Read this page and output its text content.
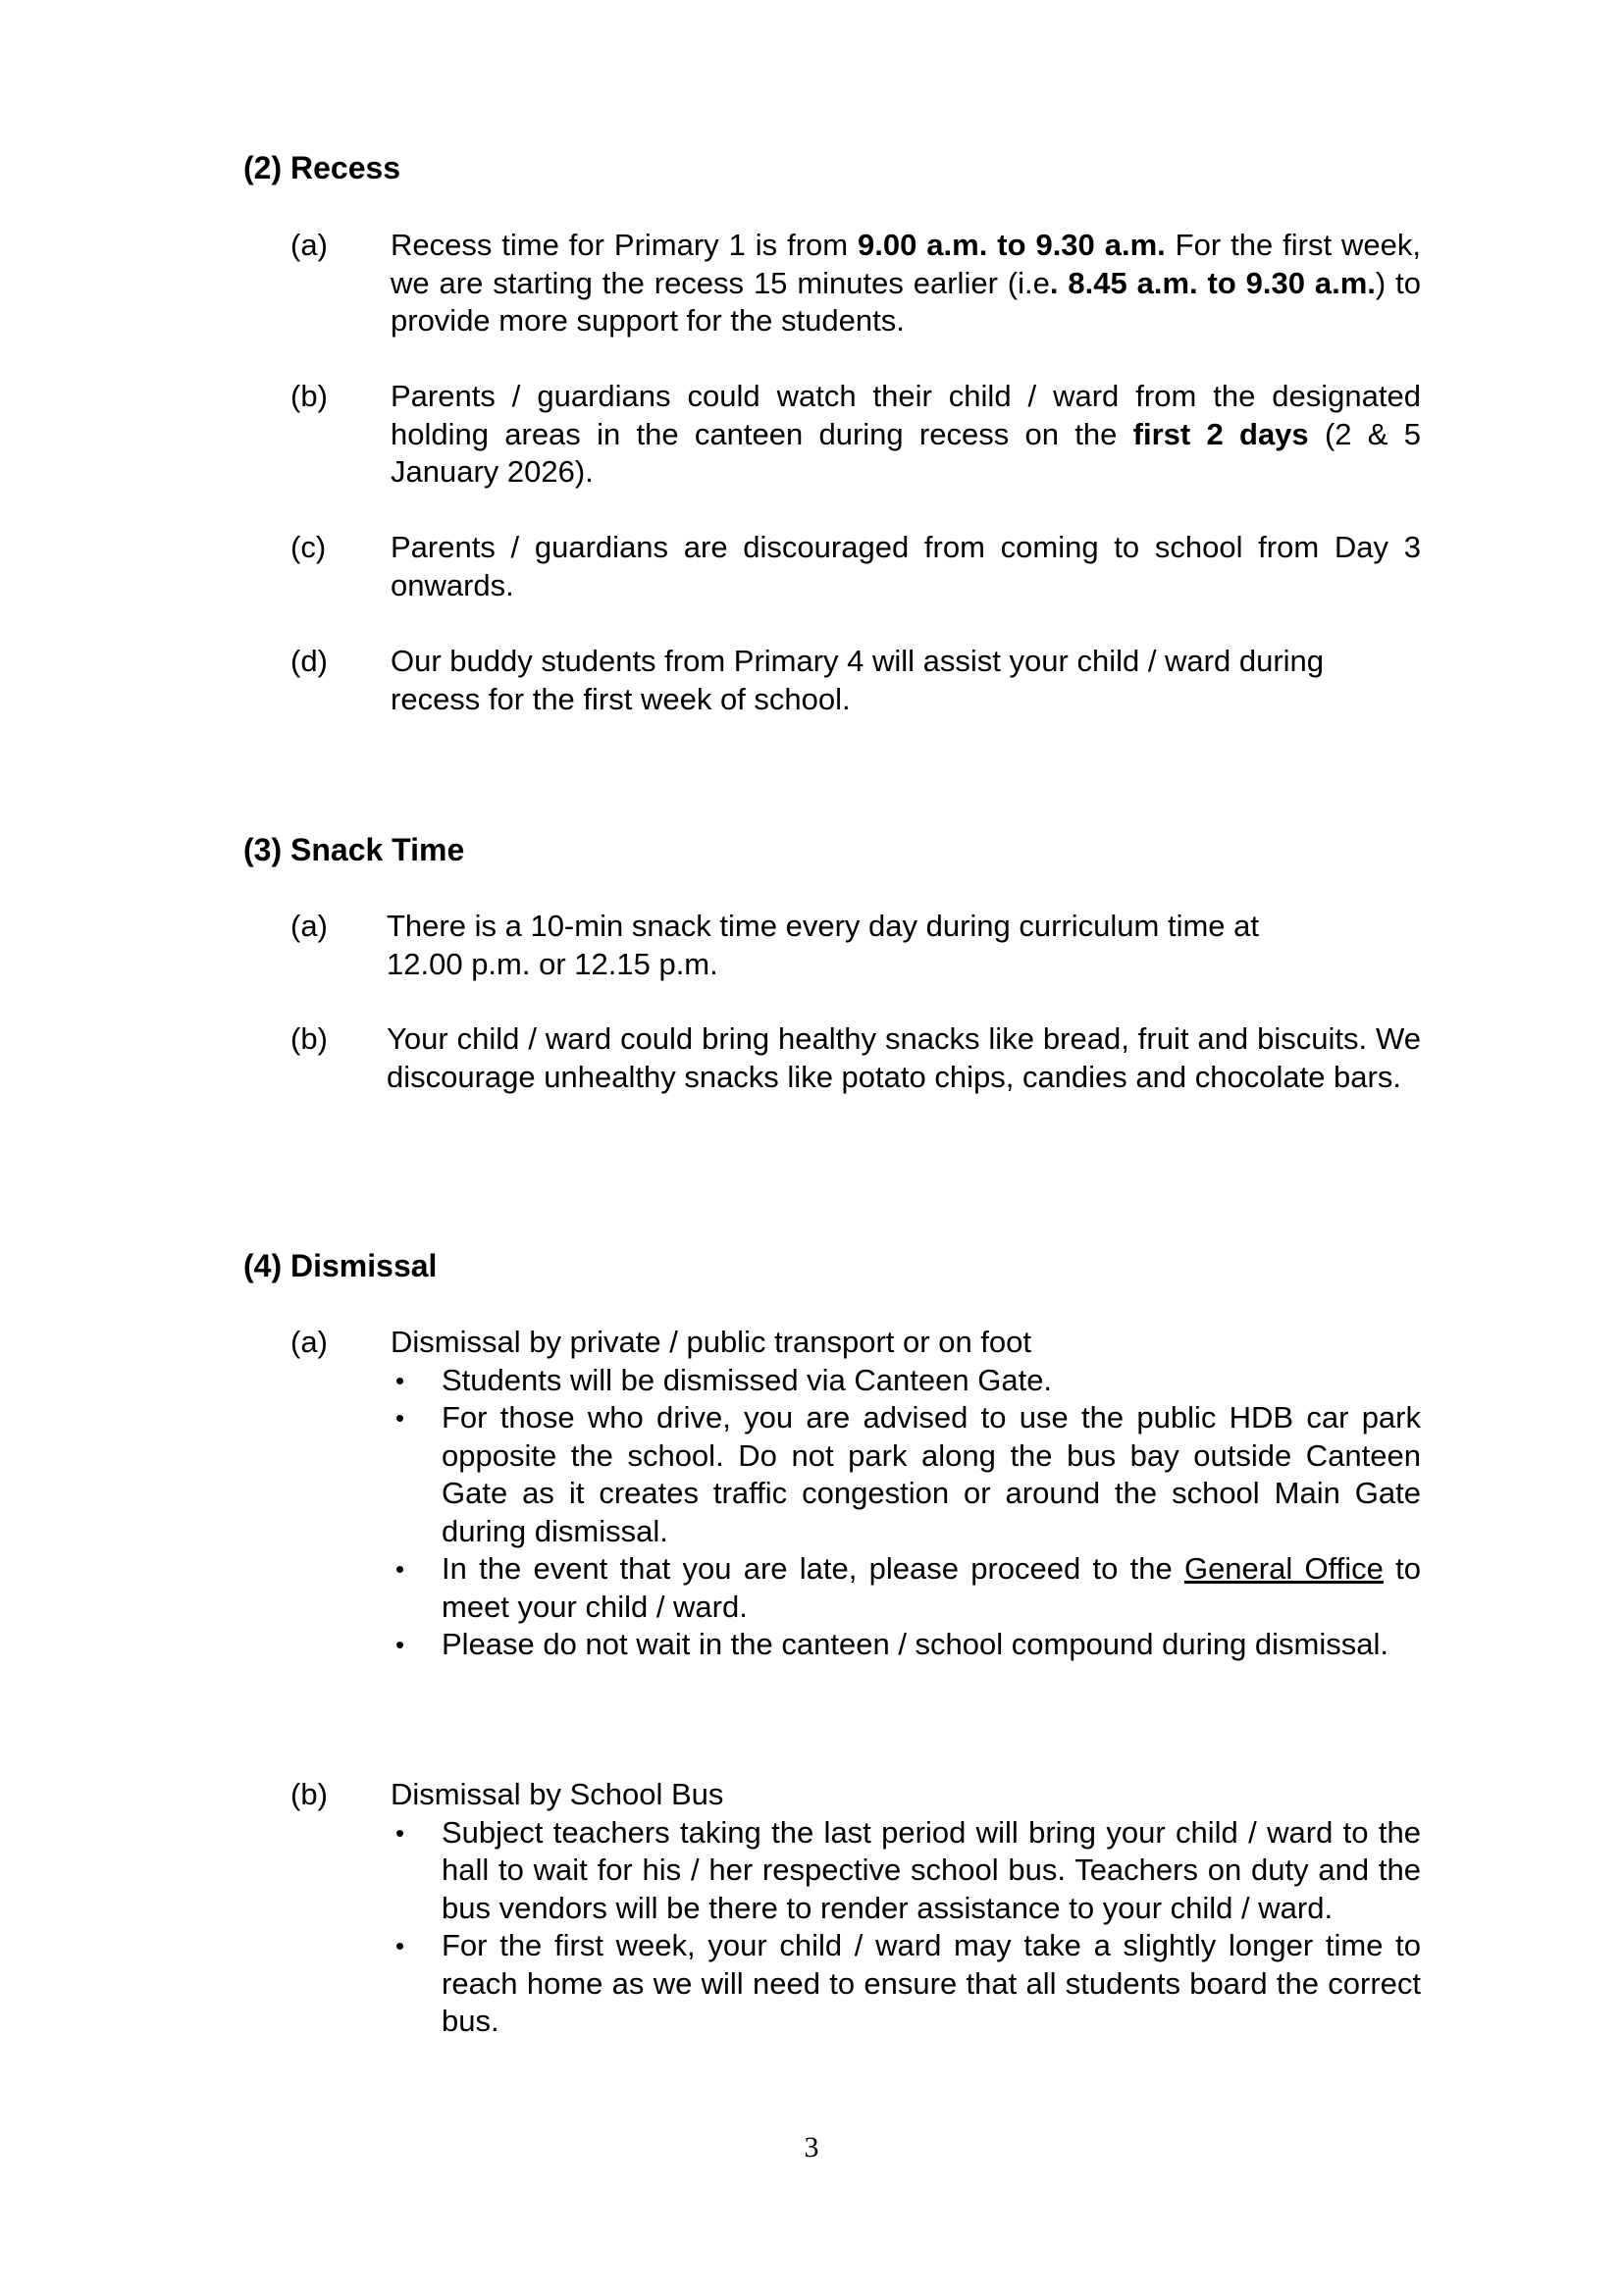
(2) Recess
(a)	Recess time for Primary 1 is from 9.00 a.m. to 9.30 a.m. For the first week, we are starting the recess 15 minutes earlier (i.e. 8.45 a.m. to 9.30 a.m.) to provide more support for the students.
(b)	Parents / guardians could watch their child / ward from the designated holding areas in the canteen during recess on the first 2 days (2 & 5 January 2026).
(c)	Parents / guardians are discouraged from coming to school from Day 3 onwards.
(d)	Our buddy students from Primary 4 will assist your child / ward during recess for the first week of school.
(3) Snack Time
(a)	There is a 10-min snack time every day during curriculum time at
12.00 p.m. or 12.15 p.m.
(b)	Your child / ward could bring healthy snacks like bread, fruit and biscuits. We discourage unhealthy snacks like potato chips, candies and chocolate bars.
(4) Dismissal
(a)	Dismissal by private / public transport or on foot
• Students will be dismissed via Canteen Gate.
• For those who drive, you are advised to use the public HDB car park opposite the school. Do not park along the bus bay outside Canteen Gate as it creates traffic congestion or around the school Main Gate during dismissal.
• In the event that you are late, please proceed to the General Office to meet your child / ward.
• Please do not wait in the canteen / school compound during dismissal.
(b)	Dismissal by School Bus
• Subject teachers taking the last period will bring your child / ward to the hall to wait for his / her respective school bus. Teachers on duty and the bus vendors will be there to render assistance to your child / ward.
• For the first week, your child / ward may take a slightly longer time to reach home as we will need to ensure that all students board the correct bus.
3
